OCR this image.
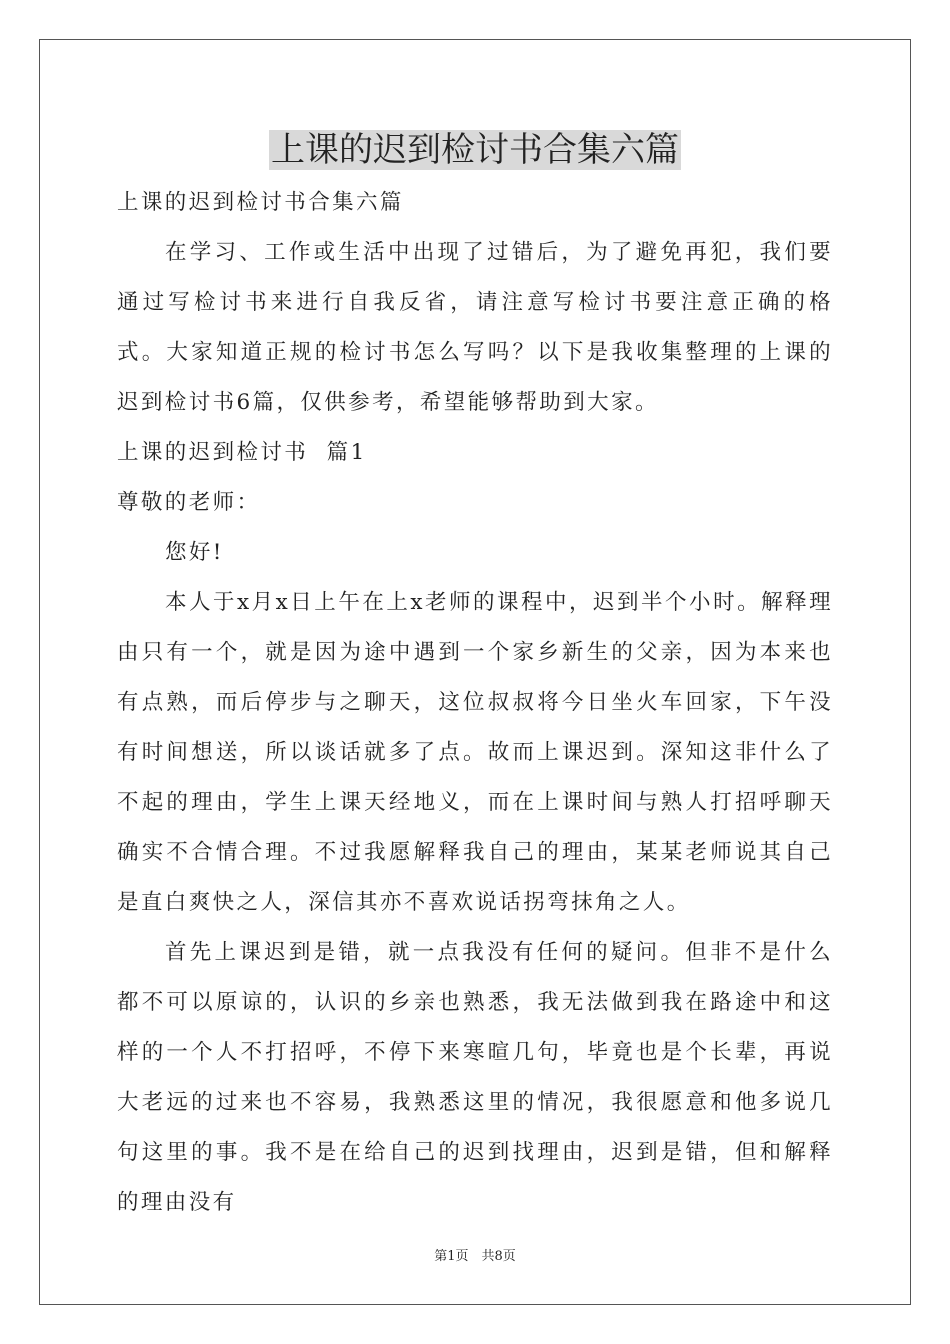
上课的迟到检讨书合集六篇

上课的迟到检讨书合集六篇

在学习、工作或生活中出现了过错后，为了避免再犯，我们要通过写检讨书来进行自我反省，请注意写检讨书要注意正确的格式。大家知道正规的检讨书怎么写吗？以下是我收集整理的上课的迟到检讨书6篇，仅供参考，希望能够帮助到大家。

上课的迟到检讨书  篇1

尊敬的老师：

您好!

本人于x月x日上午在上x老师的课程中，迟到半个小时。解释理由只有一个，就是因为途中遇到一个家乡新生的父亲，因为本来也有点熟，而后停步与之聊天，这位叔叔将今日坐火车回家，下午没有时间想送，所以谈话就多了点。故而上课迟到。深知这非什么了不起的理由，学生上课天经地义，而在上课时间与熟人打招呼聊天确实不合情合理。不过我愿解释我自己的理由，某某老师说其自己是直白爽快之人，深信其亦不喜欢说话拐弯抹角之人。

首先上课迟到是错，就一点我没有任何的疑问。但非不是什么都不可以原谅的，认识的乡亲也熟悉，我无法做到我在路途中和这样的一个人不打招呼，不停下来寒暄几句，毕竟也是个长辈，再说大老远的过来也不容易，我熟悉这里的情况，我很愿意和他多说几句这里的事。我不是在给自己的迟到找理由，迟到是错，但和解释的理由没有

第1页　共8页
